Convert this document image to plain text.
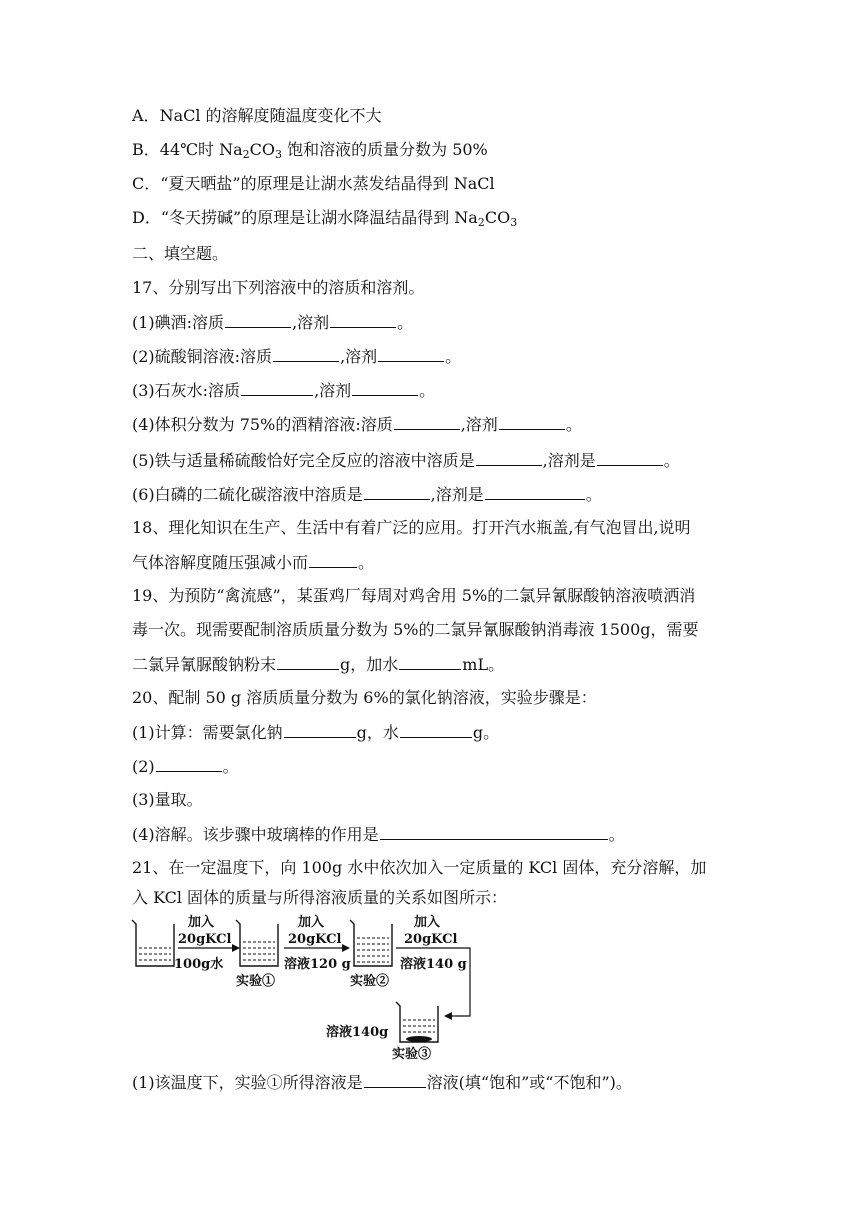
A．NaCl 的溶解度随温度变化不大
B．44℃时 $Na_2CO_3$ 饱和溶液的质量分数为 50%
C．“夏天晒盐”的原理是让湖水蒸发结晶得到 NaCl
D．“冬天捞碱”的原理是让湖水降温结晶得到 $Na_2CO_3$
二、填空题。
17、分别写出下列溶液中的溶质和溶剂。
(1)碘酒:溶质	,溶剂	。
(2)硫酸铜溶液:溶质	,溶剂	。
(3)石灰水:溶质	,溶剂	。
(4)体积分数为 75%的酒精溶液:溶质	,溶剂	。
(5)铁与适量稀硫酸恰好完全反应的溶液中溶质是	,溶剂是	。
(6)白磷的二硫化碳溶液中溶质是	,溶剂是	。
18、理化知识在生产、生活中有着广泛的应用。打开汽水瓶盖,有气泡冒出,说明
气体溶解度随压强减小而	。
19、为预防“禽流感”，某蛋鸡厂每周对鸡舍用 5%的二氯异氰脲酸钠溶液喷洒消
毒一次。现需要配制溶质质量分数为 5%的二氯异氰脲酸钠消毒液 1500g，需要
二氯异氰脲酸钠粉末	g，加水	mL。
20、配制 50 g 溶质质量分数为 6%的氯化钠溶液，实验步骤是：
(1)计算：需要氯化钠	g，水	g。
(2)	。
(3)量取。
(4)溶解。该步骤中玻璃棒的作用是	。
21、在一定温度下，向 100g 水中依次加入一定质量的 KCl 固体，充分溶解，加
入 KCl 固体的质量与所得溶液质量的关系如图所示：
100g水
加入
20gKCl
溶液120 g
实验①
加入
20gKCl
溶液140 g
实验②
加入
20gKCl
溶液140g
实验③
(1)该温度下，实验①所得溶液是	溶液(填“饱和”或“不饱和”)。
